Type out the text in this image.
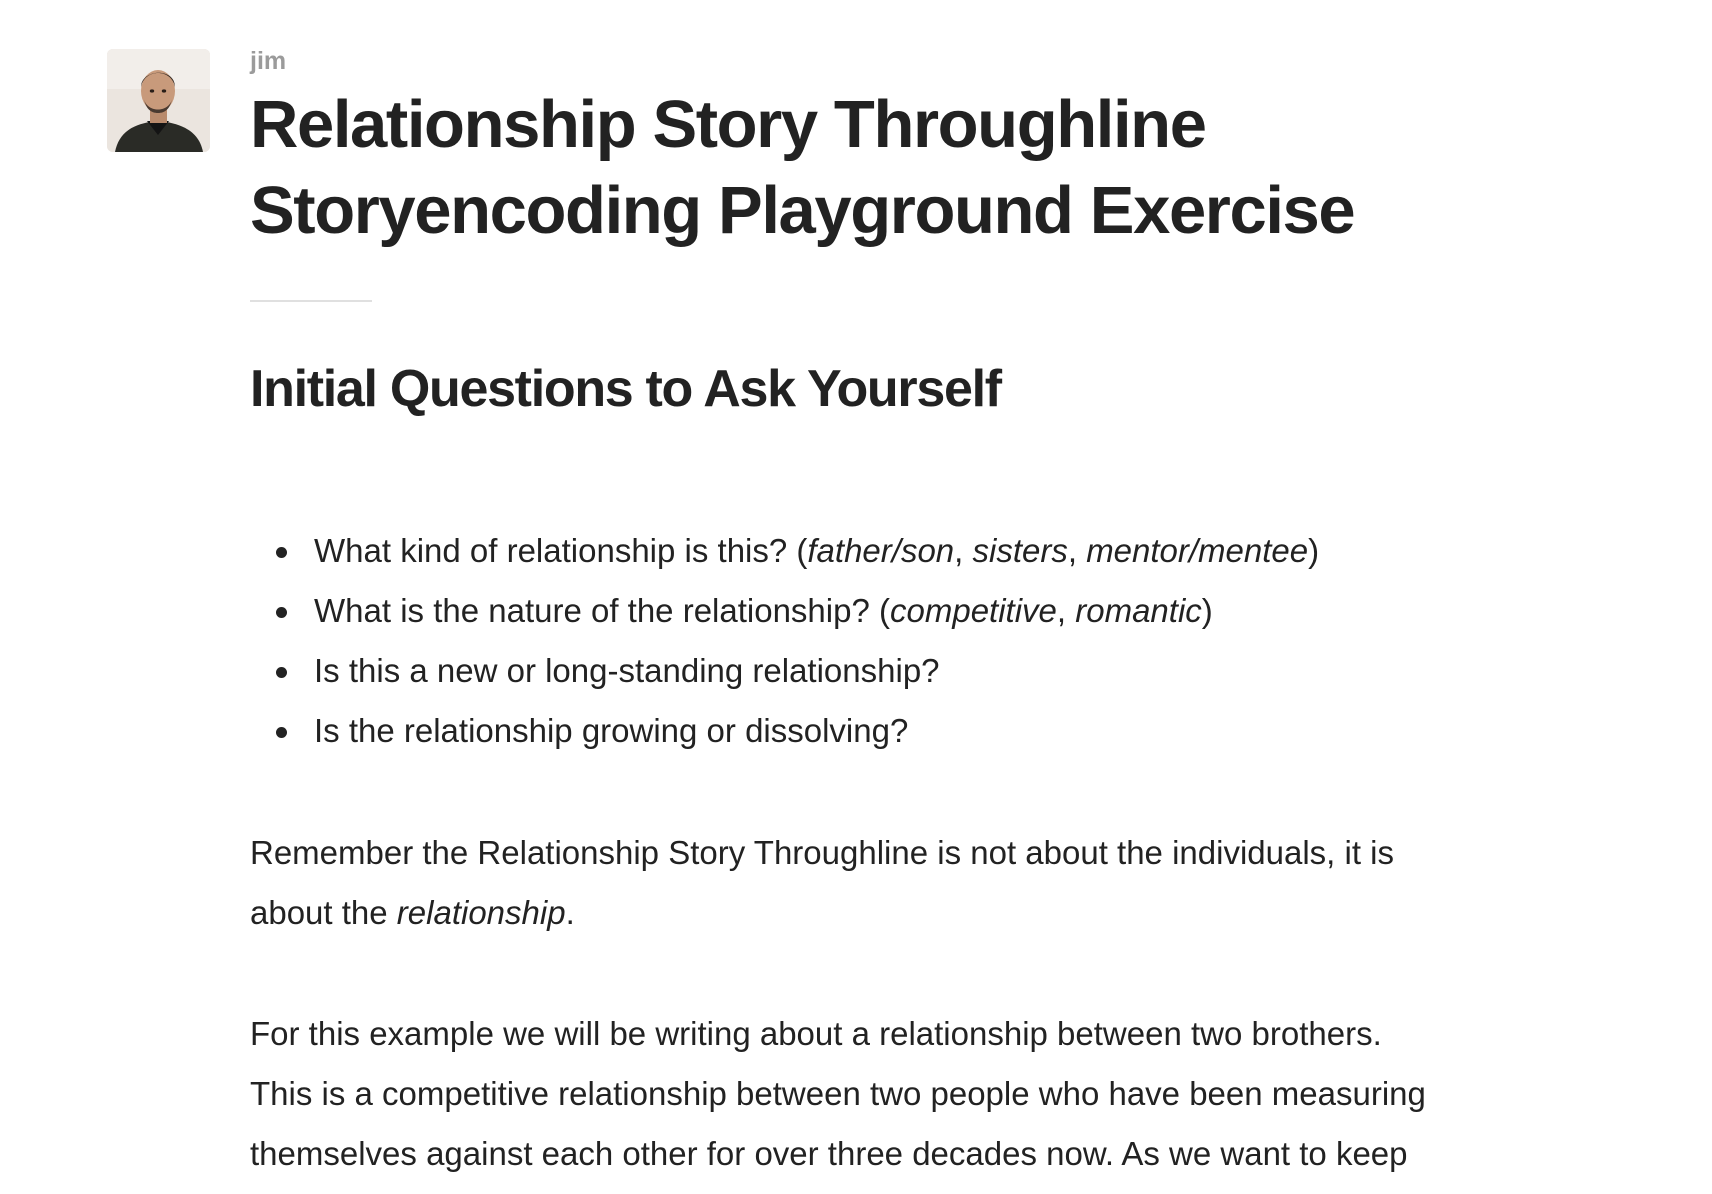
jim
Relationship Story Throughline
Storyencoding Playground Exercise
Initial Questions to Ask Yourself
What kind of relationship is this? (father/son, sisters, mentor/mentee)
What is the nature of the relationship? (competitive, romantic)
Is this a new or long-standing relationship?
Is the relationship growing or dissolving?

Remember the Relationship Story Throughline is not about the individuals, it is
about the relationship.

For this example we will be writing about a relationship between two brothers.
This is a competitive relationship between two people who have been measuring
themselves against each other for over three decades now. As we want to keep
